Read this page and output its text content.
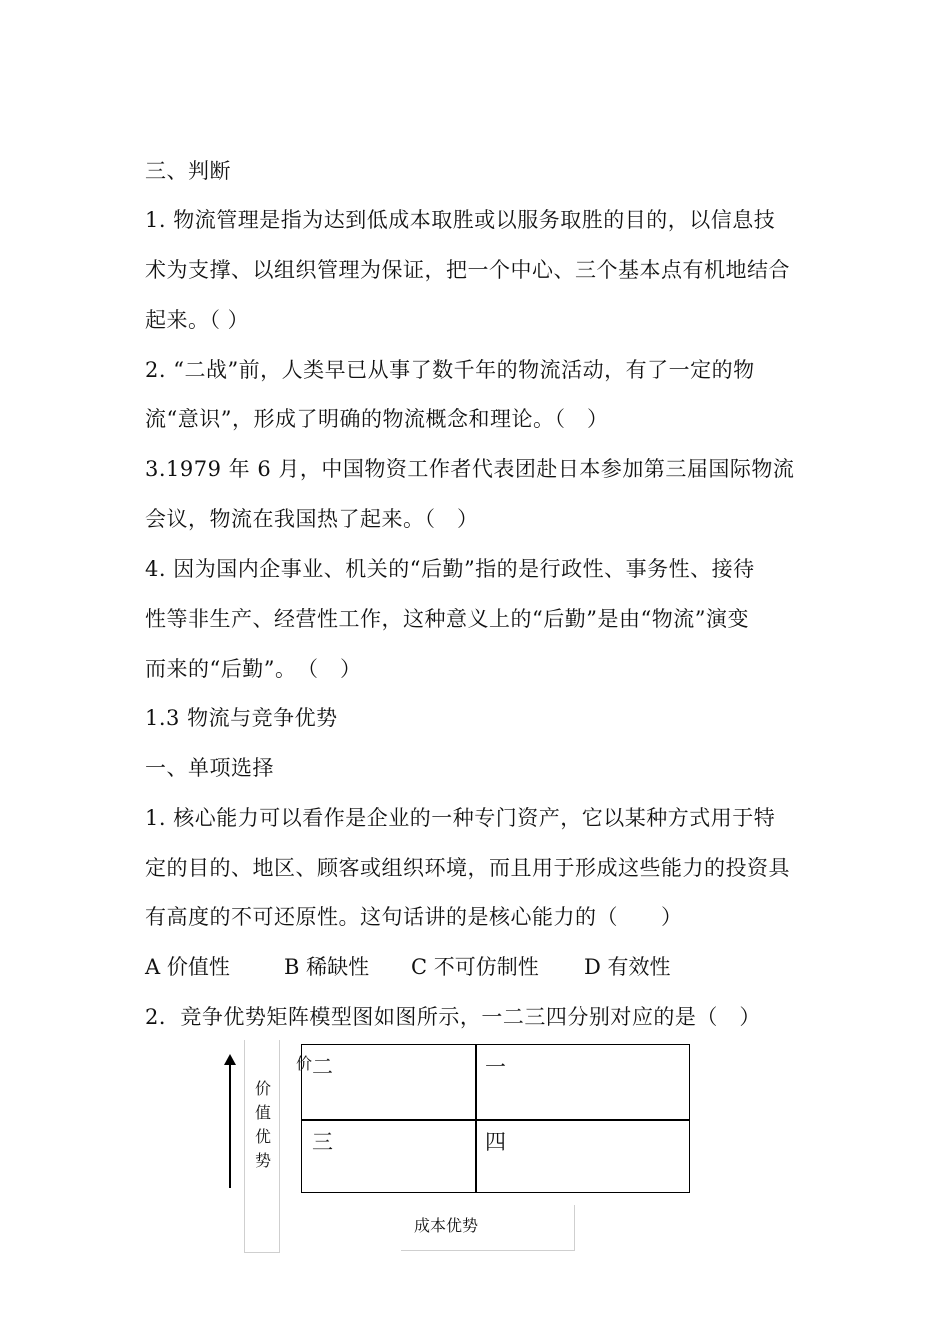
三、判断
1. 物流管理是指为达到低成本取胜或以服务取胜的目的，以信息技
术为支撑、以组织管理为保证，把一个中心、三个基本点有机地结合
起来。（ ）
2. “二战”前，人类早已从事了数千年的物流活动，有了一定的物
流“意识”，形成了明确的物流概念和理论。（　）
3.1979 年 6 月，中国物资工作者代表团赴日本参加第三届国际物流
会议，物流在我国热了起来。（　）
4. 因为国内企事业、机关的“后勤”指的是行政性、事务性、接待
性等非生产、经营性工作，这种意义上的“后勤”是由“物流”演变
而来的“后勤”。　（　）
1.3 物流与竞争优势
一、单项选择
1. 核心能力可以看作是企业的一种专门资产，它以某种方式用于特
定的目的、地区、顾客或组织环境，而且用于形成这些能力的投资具
有高度的不可还原性。这句话讲的是核心能力的（　　）
A 价值性	B 稀缺性 C 不可仿制性 D 有效性
2．竞争优势矩阵模型图如图所示，一二三四分别对应的是（　）
价值优势
二	一
三	四
价
成本优势
